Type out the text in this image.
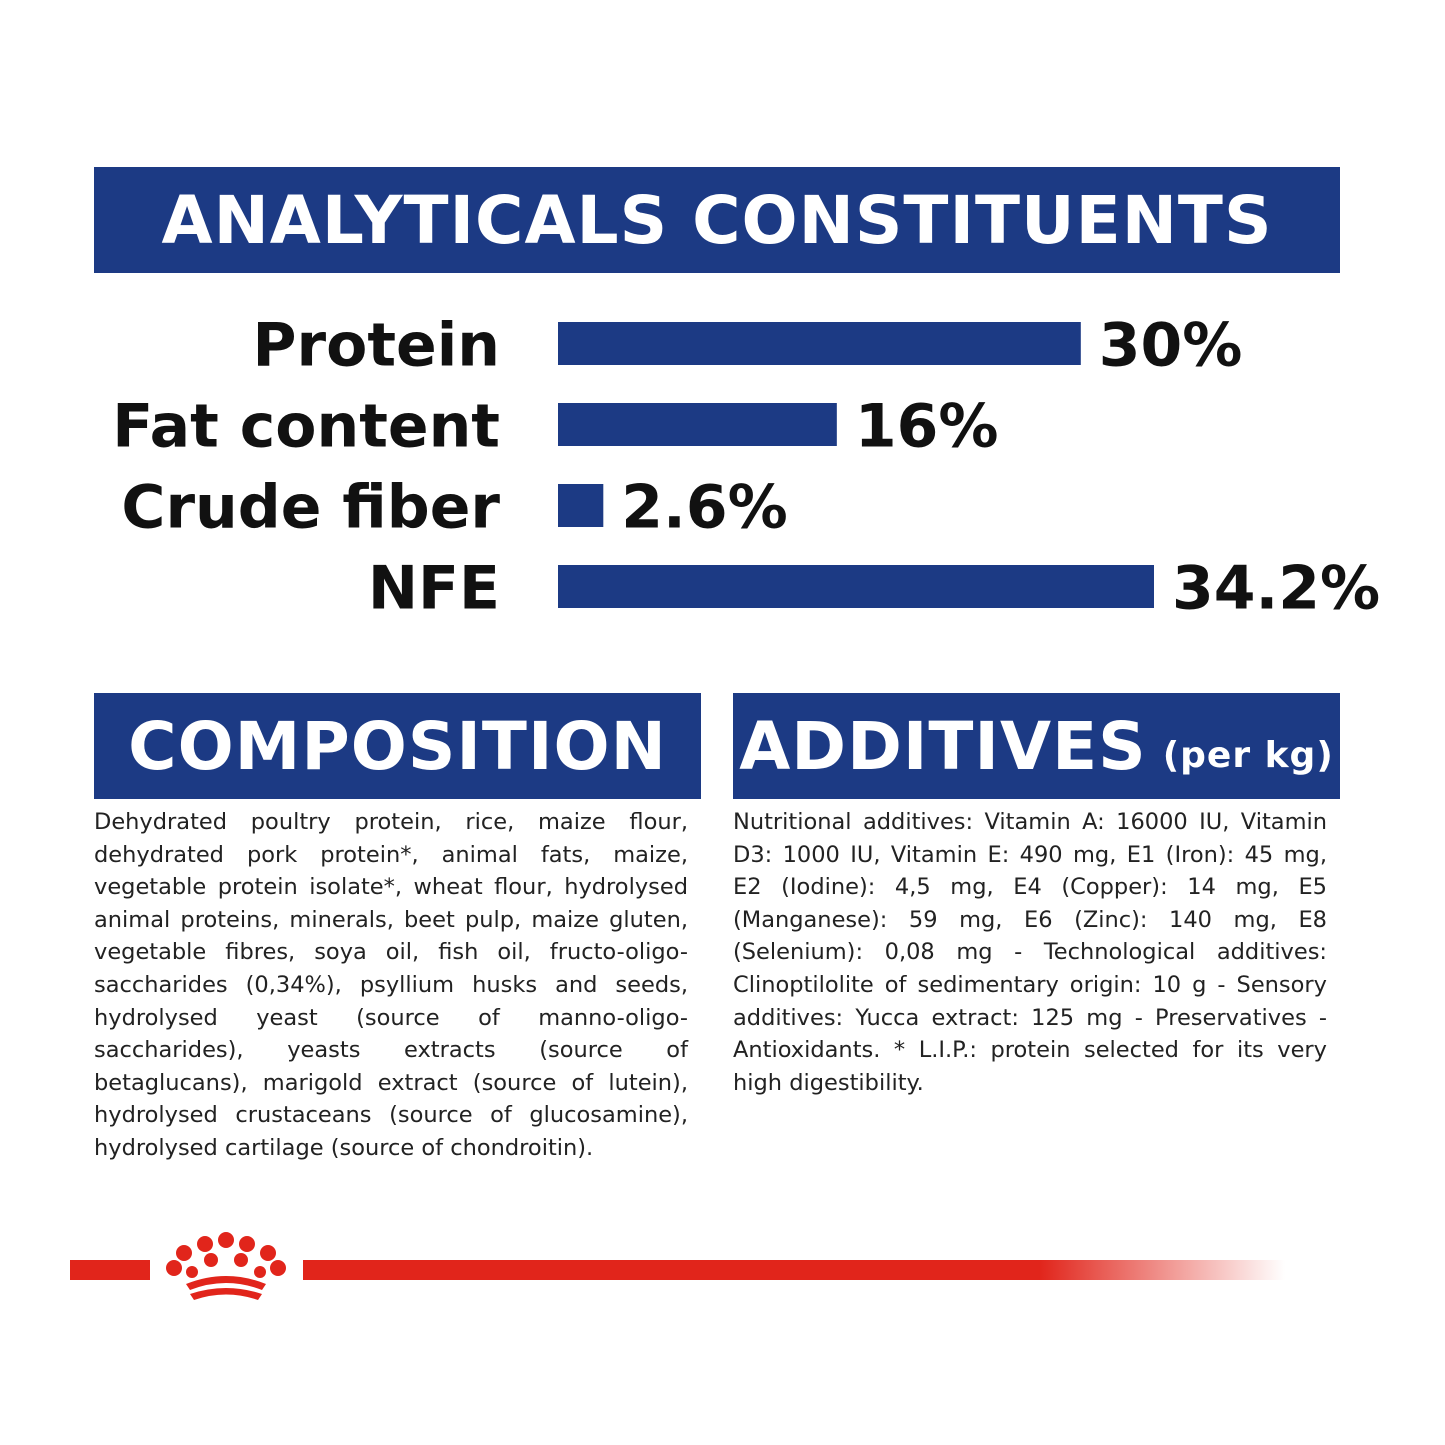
ANALYTICALS CONSTITUENTS
Protein
Fat content
Crude fiber
NFE
30%
16%
2.6%
34.2%
COMPOSITION ADDITIVES (per kg)
Dehydrated poultry protein, rice, maize flour, dehydrated pork protein*, animal fats, maize, vegetable protein isolate*, wheat flour, hydrolysed animal proteins, minerals, beet pulp, maize gluten, vegetable fibres, soya oil, fish oil, fructo-oligo-saccharides (0,34%), psyllium husks and seeds, hydrolysed yeast (source of manno-oligo-saccharides), yeasts extracts (source of betaglucans), marigold extract (source of lutein), hydrolysed crustaceans (source of glucosamine), hydrolysed cartilage (source of chondroitin).
Nutritional additives: Vitamin A: 16000 IU, Vitamin D3: 1000 IU, Vitamin E: 490 mg, E1 (Iron): 45 mg, E2 (Iodine): 4,5 mg, E4 (Copper): 14 mg, E5 (Manganese): 59 mg, E6 (Zinc): 140 mg, E8 (Selenium): 0,08 mg - Technological additives: Clinoptilolite of sedimentary origin: 10 g - Sensory additives: Yucca extract: 125 mg - Preservatives - Antioxidants. * L.I.P.: protein selected for its very high digestibility.
